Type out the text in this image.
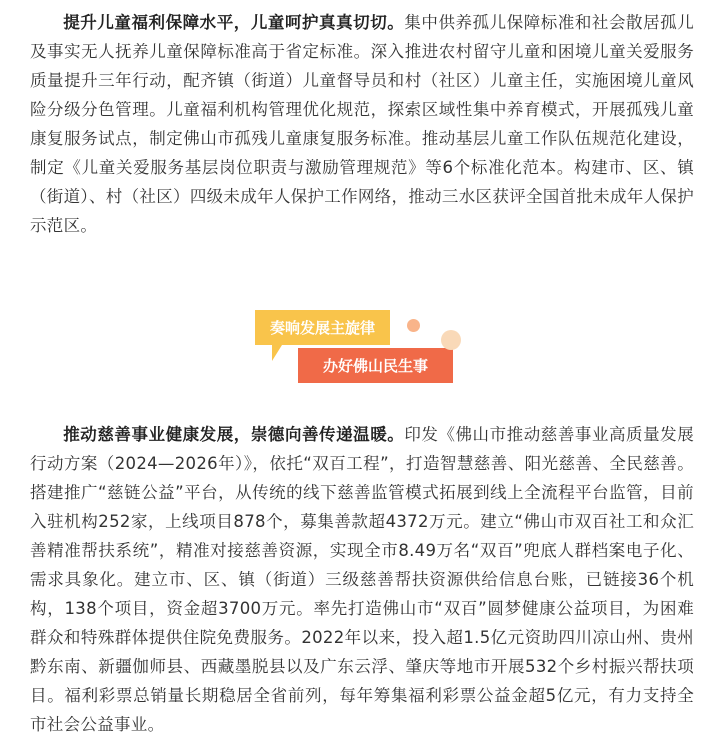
提升儿童福利保障水平，儿童呵护真真切切。集中供养孤儿保障标准和社会散居孤儿及事实无人抚养儿童保障标准高于省定标准。深入推进农村留守儿童和困境儿童关爱服务质量提升三年行动，配齐镇（街道）儿童督导员和村（社区）儿童主任，实施困境儿童风险分级分色管理。儿童福利机构管理优化规范，探索区域性集中养育模式，开展孤残儿童康复服务试点，制定佛山市孤残儿童康复服务标准。推动基层儿童工作队伍规范化建设，制定《儿童关爱服务基层岗位职责与激励管理规范》等6个标准化范本。构建市、区、镇（街道）、村（社区）四级未成年人保护工作网络，推动三水区获评全国首批未成年人保护示范区。

奏响发展主旋律
办好佛山民生事

推动慈善事业健康发展，崇德向善传递温暖。印发《佛山市推动慈善事业高质量发展行动方案（2024—2026年）》，依托“双百工程”，打造智慧慈善、阳光慈善、全民慈善。搭建推广“慈链公益”平台，从传统的线下慈善监管模式拓展到线上全流程平台监管，目前入驻机构252家，上线项目878个，募集善款超4372万元。建立“佛山市双百社工和众汇善精准帮扶系统”，精准对接慈善资源，实现全市8.49万名“双百”兜底人群档案电子化、需求具象化。建立市、区、镇（街道）三级慈善帮扶资源供给信息台账，已链接36个机构，138个项目，资金超3700万元。率先打造佛山市“双百”圆梦健康公益项目，为困难群众和特殊群体提供住院免费服务。2022年以来，投入超1.5亿元资助四川凉山州、贵州黔东南、新疆伽师县、西藏墨脱县以及广东云浮、肇庆等地市开展532个乡村振兴帮扶项目。福利彩票总销量长期稳居全省前列，每年筹集福利彩票公益金超5亿元，有力支持全市社会公益事业。
